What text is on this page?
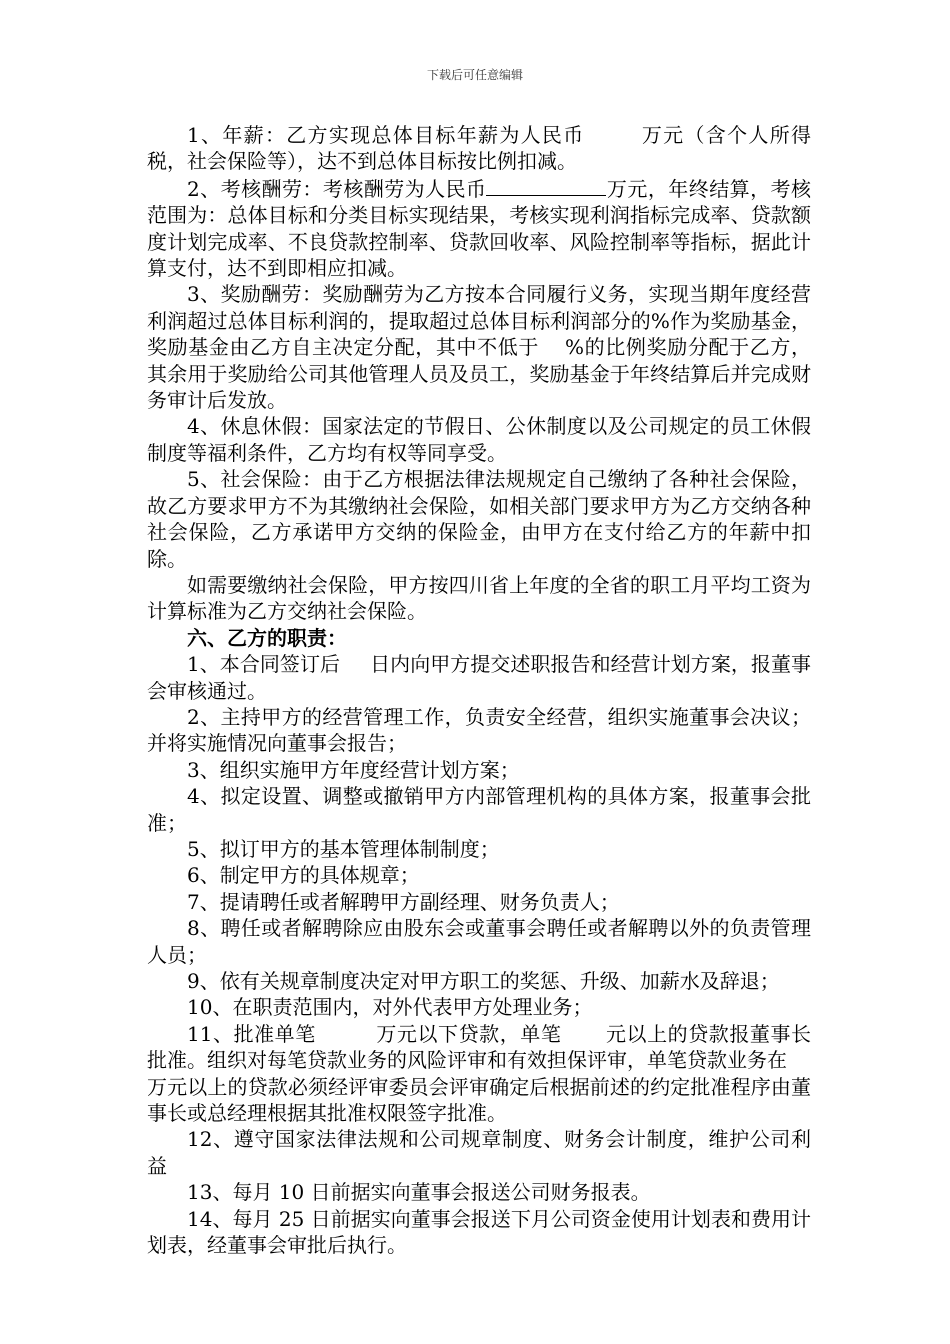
下载后可任意编辑

1、年薪：乙方实现总体目标年薪为人民币	万元（含个人所得税，社会保险等），达不到总体目标按比例扣减。

2、考核酬劳：考核酬劳为人民币	万元，年终结算，考核范围为：总体目标和分类目标实现结果，考核实现利润指标完成率、贷款额度计划完成率、不良贷款控制率、贷款回收率、风险控制率等指标，据此计算支付，达不到即相应扣减。

3、奖励酬劳：奖励酬劳为乙方按本合同履行义务，实现当期年度经营利润超过总体目标利润的，提取超过总体目标利润部分的%作为奖励基金，奖励基金由乙方自主决定分配，其中不低于 %的比例奖励分配于乙方，其余用于奖励给公司其他管理人员及员工，奖励基金于年终结算后并完成财务审计后发放。

4、休息休假：国家法定的节假日、公休制度以及公司规定的员工休假制度等福利条件，乙方均有权等同享受。

5、社会保险：由于乙方根据法律法规规定自己缴纳了各种社会保险，故乙方要求甲方不为其缴纳社会保险，如相关部门要求甲方为乙方交纳各种社会保险，乙方承诺甲方交纳的保险金，由甲方在支付给乙方的年薪中扣除。

如需要缴纳社会保险，甲方按四川省上年度的全省的职工月平均工资为计算标准为乙方交纳社会保险。

六、乙方的职责：

1、本合同签订后 日内向甲方提交述职报告和经营计划方案，报董事会审核通过。

2、主持甲方的经营管理工作，负责安全经营，组织实施董事会决议；并将实施情况向董事会报告；

3、组织实施甲方年度经营计划方案；

4、拟定设置、调整或撤销甲方内部管理机构的具体方案，报董事会批准；

5、拟订甲方的基本管理体制制度；

6、制定甲方的具体规章；

7、提请聘任或者解聘甲方副经理、财务负责人；

8、聘任或者解聘除应由股东会或董事会聘任或者解聘以外的负责管理人员；

9、依有关规章制度决定对甲方职工的奖惩、升级、加薪水及辞退；

10、在职责范围内，对外代表甲方处理业务；

11、批准单笔	万元以下贷款，单笔 元以上的贷款报董事长批准。组织对每笔贷款业务的风险评审和有效担保评审，单笔贷款业务在万元以上的贷款必须经评审委员会评审确定后根据前述的约定批准程序由董事长或总经理根据其批准权限签字批准。

12、遵守国家法律法规和公司规章制度、财务会计制度，维护公司利益

13、每月 10 日前据实向董事会报送公司财务报表。

14、每月 25 日前据实向董事会报送下月公司资金使用计划表和费用计划表，经董事会审批后执行。
